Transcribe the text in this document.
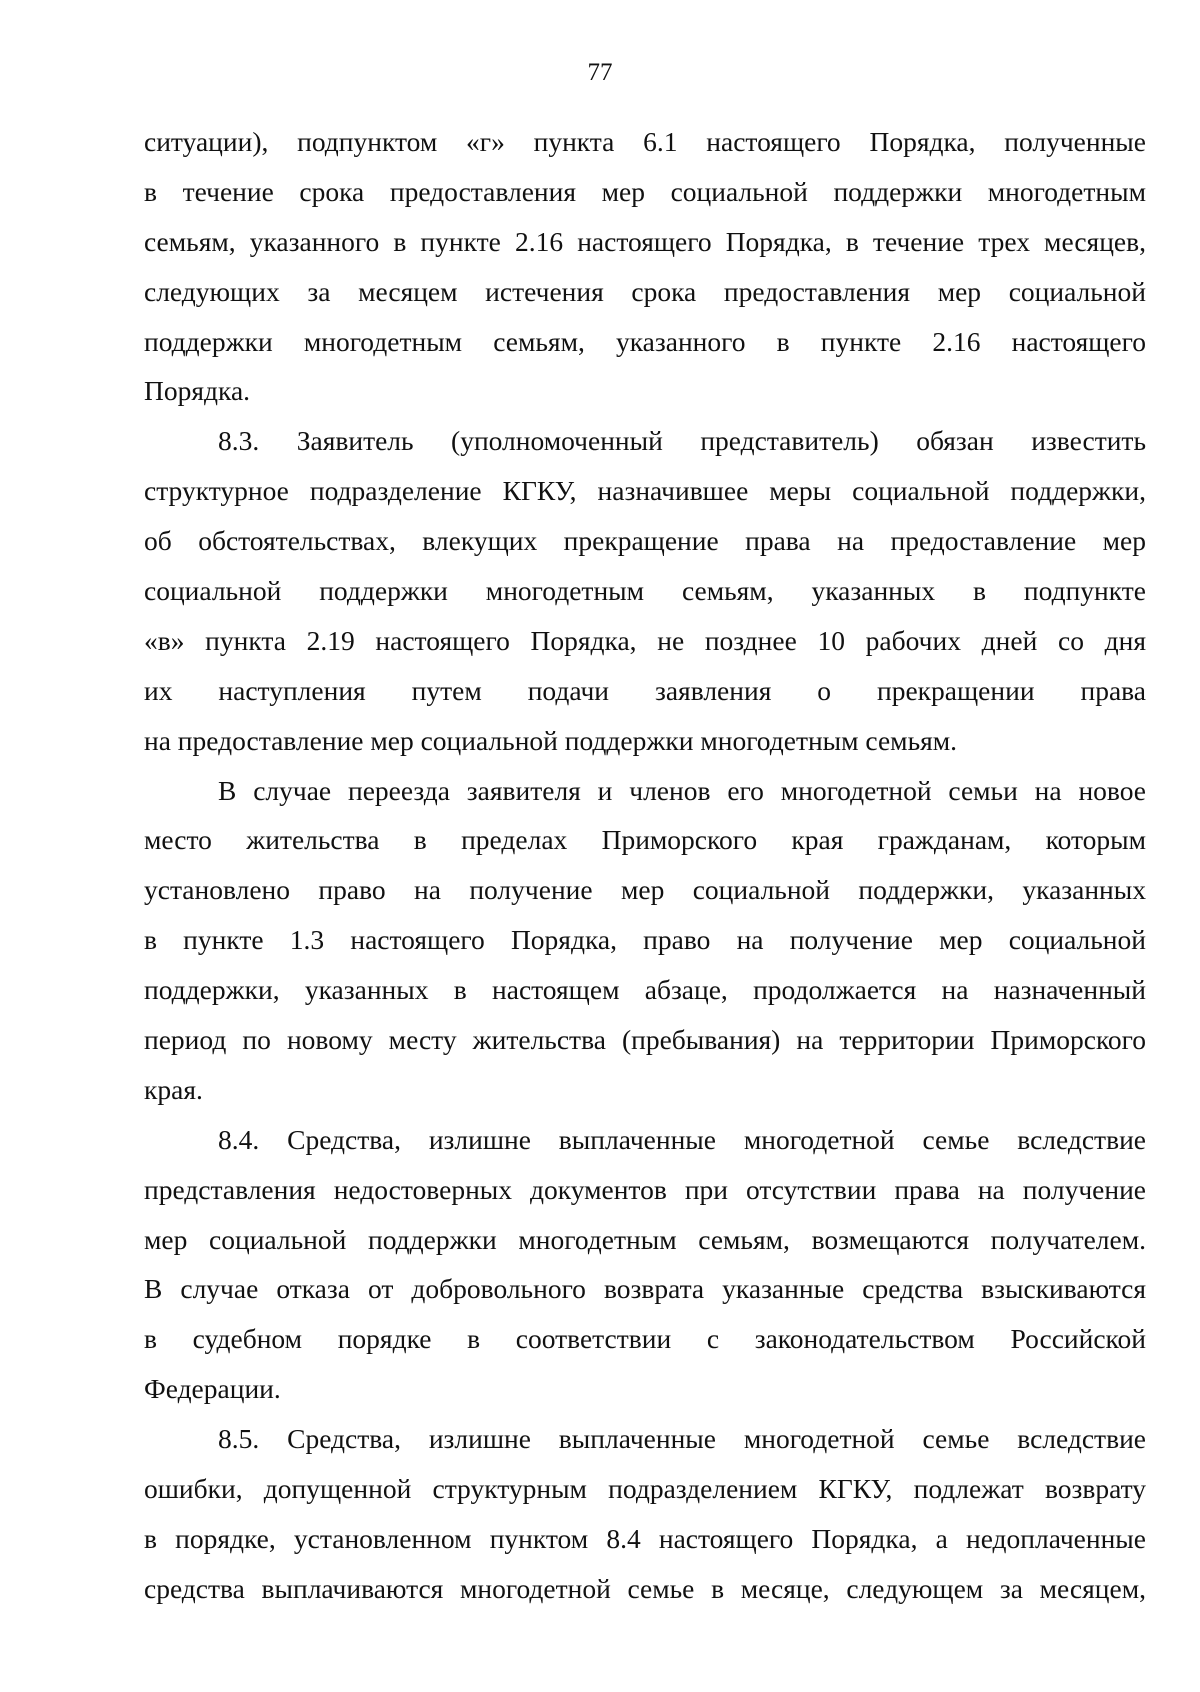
77
ситуации), подпунктом «г» пункта 6.1 настоящего Порядка, полученные
в течение срока предоставления мер социальной поддержки многодетным
семьям, указанного в пункте 2.16 настоящего Порядка, в течение трех месяцев,
следующих за месяцем истечения срока предоставления мер социальной
поддержки многодетным семьям, указанного в пункте 2.16 настоящего
Порядка.
8.3. Заявитель (уполномоченный представитель) обязан известить
структурное подразделение КГКУ, назначившее меры социальной поддержки,
об обстоятельствах, влекущих прекращение права на предоставление мер
социальной поддержки многодетным семьям, указанных в подпункте
«в» пункта 2.19 настоящего Порядка, не позднее 10 рабочих дней со дня
их наступления путем подачи заявления о прекращении права
на предоставление мер социальной поддержки многодетным семьям.
В случае переезда заявителя и членов его многодетной семьи на новое
место жительства в пределах Приморского края гражданам, которым
установлено право на получение мер социальной поддержки, указанных
в пункте 1.3 настоящего Порядка, право на получение мер социальной
поддержки, указанных в настоящем абзаце, продолжается на назначенный
период по новому месту жительства (пребывания) на территории Приморского
края.
8.4. Средства, излишне выплаченные многодетной семье вследствие
представления недостоверных документов при отсутствии права на получение
мер социальной поддержки многодетным семьям, возмещаются получателем.
В случае отказа от добровольного возврата указанные средства взыскиваются
в судебном порядке в соответствии с законодательством Российской
Федерации.
8.5. Средства, излишне выплаченные многодетной семье вследствие
ошибки, допущенной структурным подразделением КГКУ, подлежат возврату
в порядке, установленном пунктом 8.4 настоящего Порядка, а недоплаченные
средства выплачиваются многодетной семье в месяце, следующем за месяцем,
